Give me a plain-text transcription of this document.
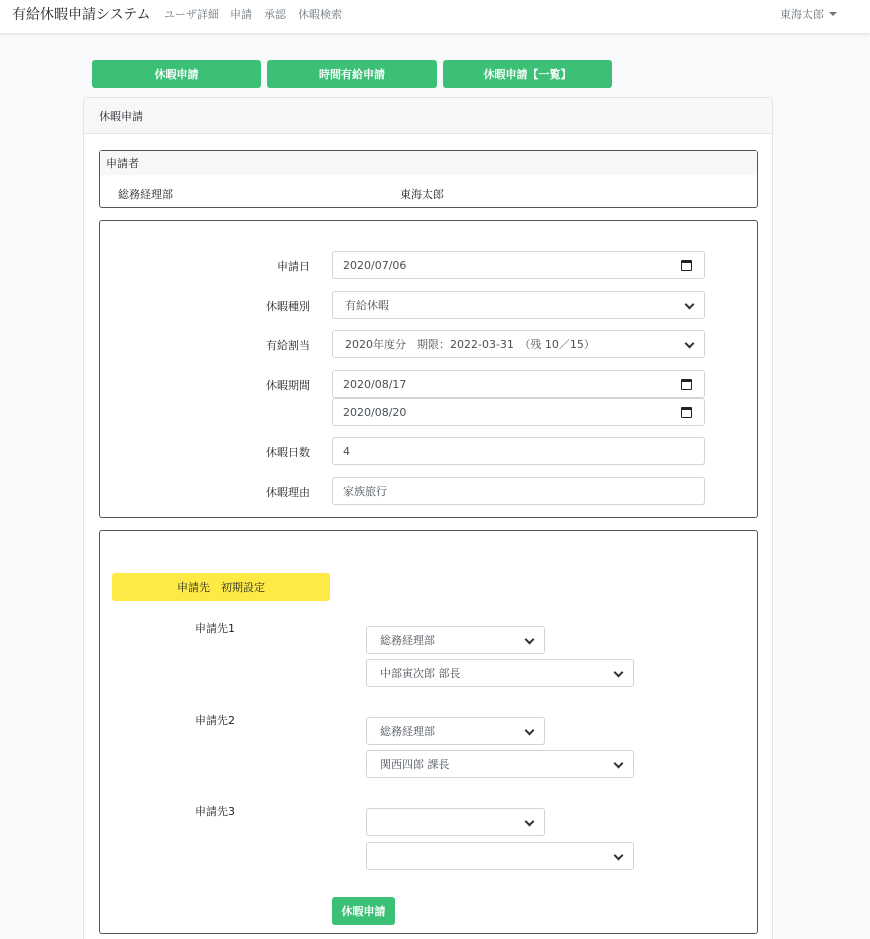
有給休暇申請システム ユーザ詳細 申請 承認 休暇検索	東海太郎
休暇申請	時間有給申請	休暇申請【一覧】
休暇申請
申請者
総務経理部	東海太郎
申請日	2020/07/06
休暇種別	有給休暇
有給割当	2020年度分　期限：2022-03-31　（残 10／15）
休暇期間	2020/08/17
2020/08/20
休暇日数	4
休暇理由	家族旅行
申請先　初期設定
申請先1
総務経理部
中部寅次郎 部長
申請先2
総務経理部
関西四郎 課長
申請先3
休暇申請
